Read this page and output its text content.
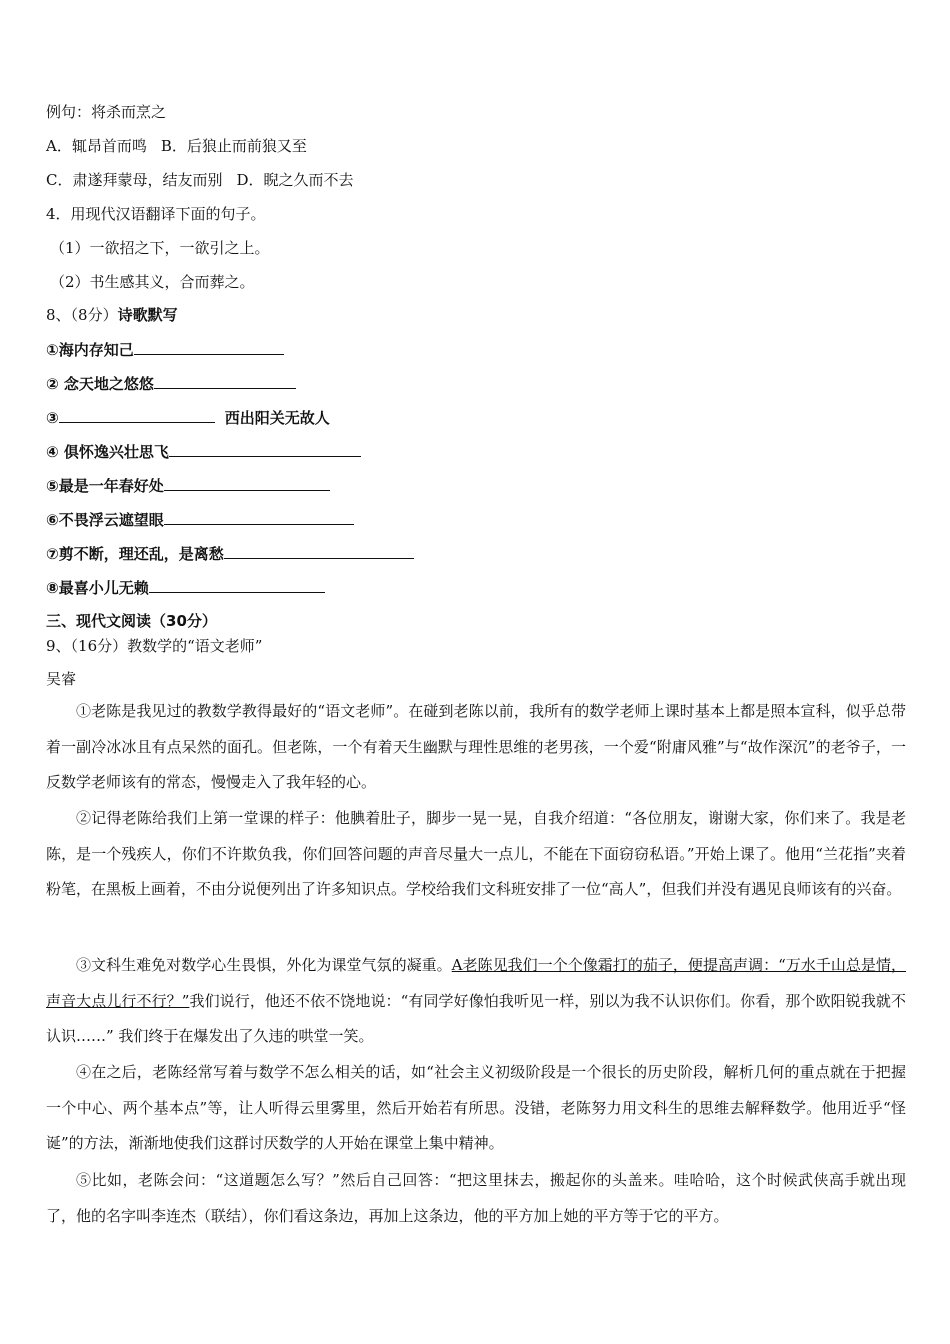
例句：将杀而烹之
A．辄昂首而鸣 B．后狼止而前狼又至
C．肃遂拜蒙母，结友而别 D．睨之久而不去
4．用现代汉语翻译下面的句子。
（1）一欲招之下，一欲引之上。
（2）书生感其义，合而葬之。
8、（8分）诗歌默写
①海内存知己
② 念天地之悠悠
③	西出阳关无故人
④ 俱怀逸兴壮思飞
⑤最是一年春好处
⑥不畏浮云遮望眼
⑦剪不断，理还乱，是离愁
⑧最喜小儿无赖
三、现代文阅读（30分）
9、（16分）教数学的“语文老师”
吴睿
①老陈是我见过的教数学教得最好的“语文老师”。在碰到老陈以前，我所有的数学老师上课时基本上都是照本宣科，似乎总带着一副冷冰冰且有点呆然的面孔。但老陈，一个有着天生幽默与理性思维的老男孩，一个爱“附庸风雅”与“故作深沉”的老爷子，一反数学老师该有的常态，慢慢走入了我年轻的心。
②记得老陈给我们上第一堂课的样子：他腆着肚子，脚步一晃一晃，自我介绍道：“各位朋友，谢谢大家，你们来了。我是老陈，是一个残疾人，你们不许欺负我，你们回答问题的声音尽量大一点儿，不能在下面窃窃私语。”开始上课了。他用“兰花指”夹着粉笔，在黑板上画着，不由分说便列出了许多知识点。学校给我们文科班安排了一位“高人”，但我们并没有遇见良师该有的兴奋。
③文科生难免对数学心生畏惧，外化为课堂气氛的凝重。A老陈见我们一个个像霜打的茄子，便提高声调：“万水千山总是情，声音大点儿行不行？”我们说行，他还不依不饶地说：“有同学好像怕我听见一样，别以为我不认识你们。你看，那个欧阳锐我就不认识……” 我们终于在爆发出了久违的哄堂一笑。
④在之后，老陈经常写着与数学不怎么相关的话，如“社会主义初级阶段是一个很长的历史阶段，解析几何的重点就在于把握一个中心、两个基本点”等，让人听得云里雾里，然后开始若有所思。没错，老陈努力用文科生的思维去解释数学。他用近乎“怪诞”的方法，渐渐地使我们这群讨厌数学的人开始在课堂上集中精神。
⑤比如，老陈会问：“这道题怎么写？”然后自己回答：“把这里抹去，搬起你的头盖来。哇哈哈，这个时候武侠高手就出现了，他的名字叫李连杰（联结），你们看这条边，再加上这条边，他的平方加上她的平方等于它的平方。
